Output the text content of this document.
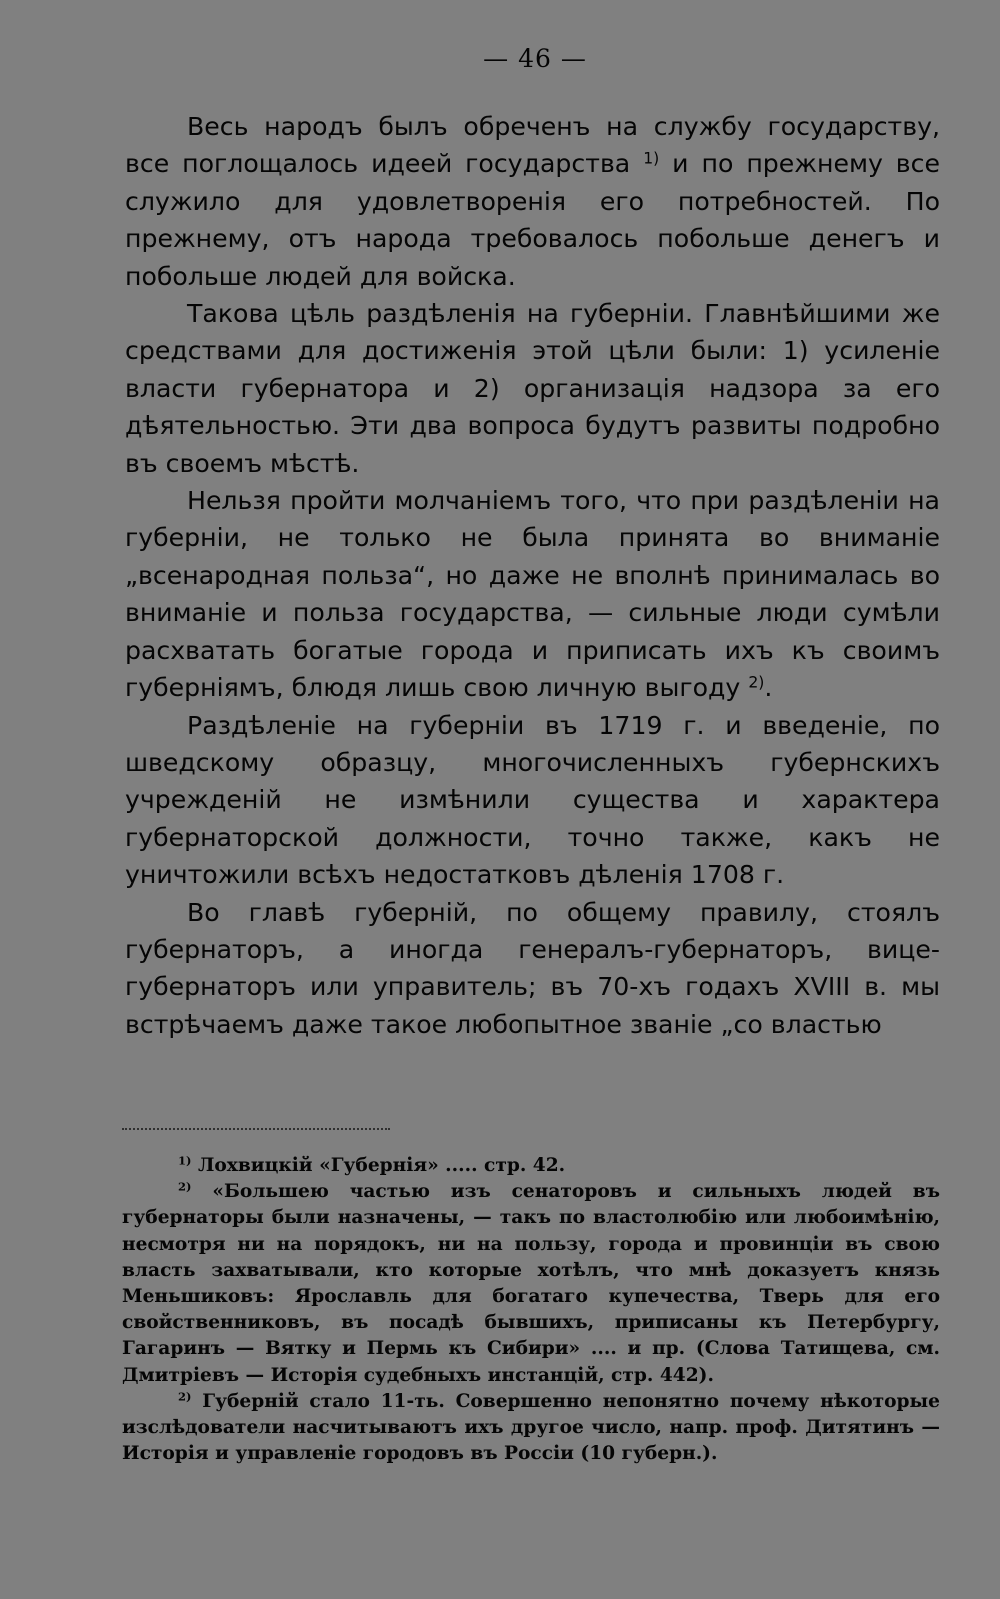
— 46 —

Весь народъ былъ обреченъ на службу государству, все поглощалось идеей государства $^{1)}$ и по прежнему все служило для удовлетворенія его потребностей. По прежнему, отъ народа требовалось побольше денегъ и побольше людей для войска.

Такова цѣль раздѣленія на губерніи. Главнѣйшими же средствами для достиженія этой цѣли были: 1) усиленіе власти губернатора и 2) организація надзора за его дѣятельностью. Эти два вопроса будутъ развиты подробно въ своемъ мѣстѣ.

Нельзя пройти молчаніемъ того, что при раздѣленіи на губерніи, не только не была принята во вниманіе „всенародная польза“, но даже не вполнѣ принималась во вниманіе и польза государства, — сильные люди сумѣли расхватать богатые города и приписать ихъ къ своимъ губерніямъ, блюдя лишь свою личную выгоду $^{2)}$.

Раздѣленіе на губерніи въ 1719 г. и введеніе, по шведскому образцу, многочисленныхъ губернскихъ учрежденій не измѣнили существа и характера губернаторской должности, точно также, какъ не уничтожили всѣхъ недостатковъ дѣленія 1708 г.

Во главѣ губерній, по общему правилу, стоялъ губернаторъ, а иногда генералъ-губернаторъ, вице-губернаторъ или управитель; въ 70-хъ годахъ XVIII в. мы встрѣчаемъ даже такое любопытное званіе „со властью

$^{1)}$ Лохвицкій «Губернія» ..... стр. 42.

$^{2)}$ «Большею частью изъ сенаторовъ и сильныхъ людей въ губернаторы были назначены, — такъ по властолюбію или любоимѣнію, несмотря ни на порядокъ, ни на пользу, города и провинціи въ свою власть захватывали, кто которые хотѣлъ, что мнѣ доказуетъ князь Меньшиковъ: Ярославль для богатаго купечества, Тверь для его свойственниковъ, въ посадѣ бывшихъ, приписаны къ Петербургу, Гагаринъ — Вятку и Пермь къ Сибири» .... и пр. (Слова Татищева, см. Дмитріевъ — Исторія судебныхъ инстанцій, стр. 442).

$^{2)}$ Губерній стало 11-ть. Совершенно непонятно почему нѣкоторые изслѣдователи насчитываютъ ихъ другое число, напр. проф. Дитятинъ — Исторія и управленіе городовъ въ Россіи (10 губерн.).
